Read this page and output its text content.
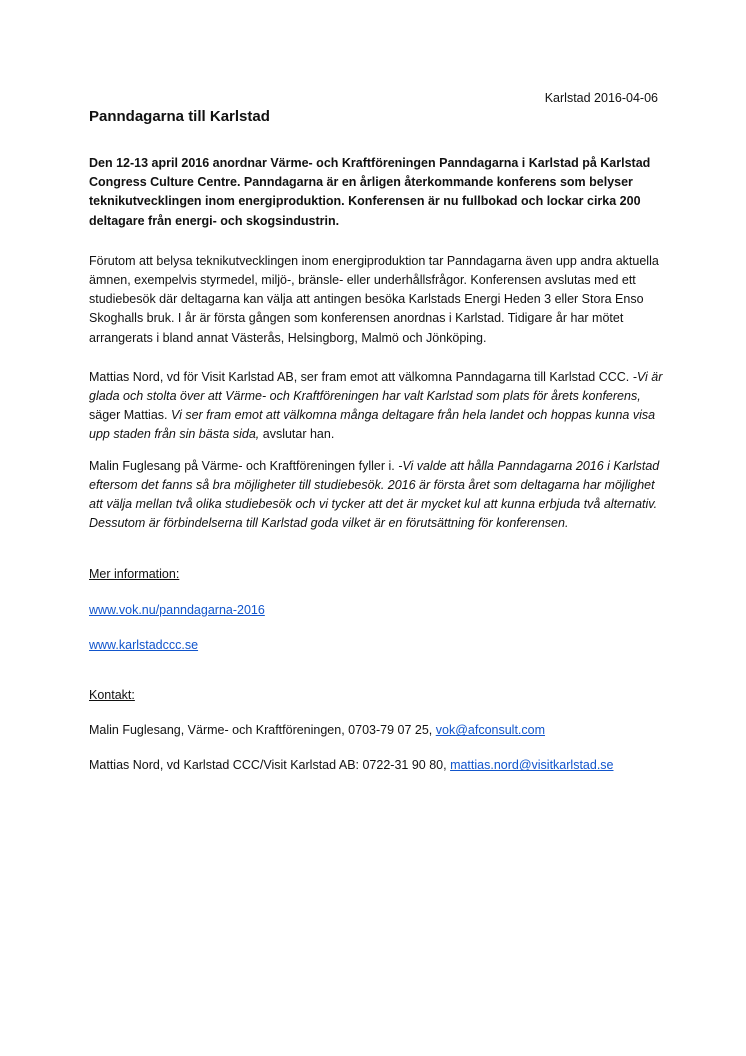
Karlstad 2016-04-06
Panndagarna till Karlstad

Den 12-13 april 2016 anordnar Värme- och Kraftföreningen Panndagarna i Karlstad på Karlstad Congress Culture Centre. Panndagarna är en årligen återkommande konferens som belyser teknikutvecklingen inom energiproduktion. Konferensen är nu fullbokad och lockar cirka 200 deltagare från energi- och skogsindustrin.

Förutom att belysa teknikutvecklingen inom energiproduktion tar Panndagarna även upp andra aktuella ämnen, exempelvis styrmedel, miljö-, bränsle- eller underhållsfrågor. Konferensen avslutas med ett studiebesök där deltagarna kan välja att antingen besöka Karlstads Energi Heden 3 eller Stora Enso Skoghalls bruk. I år är första gången som konferensen anordnas i Karlstad. Tidigare år har mötet arrangerats i bland annat Västerås, Helsingborg, Malmö och Jönköping.

Mattias Nord, vd för Visit Karlstad AB, ser fram emot att välkomna Panndagarna till Karlstad CCC. -Vi är glada och stolta över att Värme- och Kraftföreningen har valt Karlstad som plats för årets konferens, säger Mattias. Vi ser fram emot att välkomna många deltagare från hela landet och hoppas kunna visa upp staden från sin bästa sida, avslutar han.

Malin Fuglesang på Värme- och Kraftföreningen fyller i. -Vi valde att hålla Panndagarna 2016 i Karlstad eftersom det fanns så bra möjligheter till studiebesök. 2016 är första året som deltagarna har möjlighet att välja mellan två olika studiebesök och vi tycker att det är mycket kul att kunna erbjuda två alternativ. Dessutom är förbindelserna till Karlstad goda vilket är en förutsättning för konferensen.

Mer information:

www.vok.nu/panndagarna-2016

www.karlstadccc.se

Kontakt:

Malin Fuglesang, Värme- och Kraftföreningen, 0703-79 07 25, vok@afconsult.com

Mattias Nord, vd Karlstad CCC/Visit Karlstad AB: 0722-31 90 80, mattias.nord@visitkarlstad.se
